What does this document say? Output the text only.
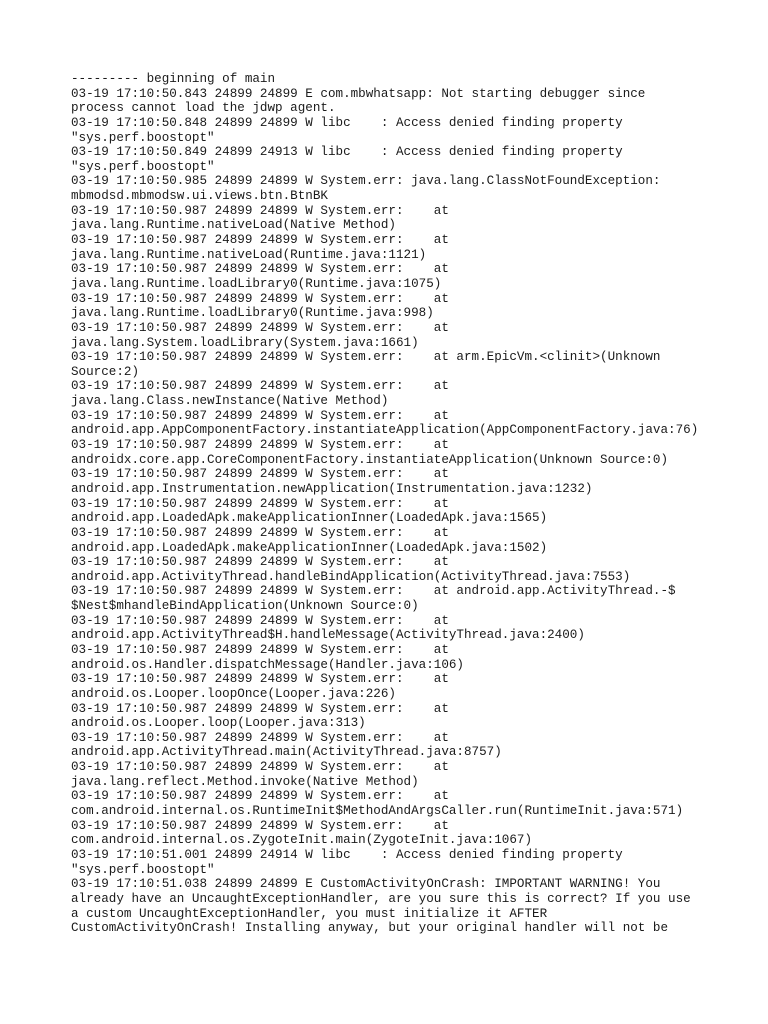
--------- beginning of main
03-19 17:10:50.843 24899 24899 E com.mbwhatsapp: Not starting debugger since
process cannot load the jdwp agent.
03-19 17:10:50.848 24899 24899 W libc    : Access denied finding property
"sys.perf.boostopt"
03-19 17:10:50.849 24899 24913 W libc    : Access denied finding property
"sys.perf.boostopt"
03-19 17:10:50.985 24899 24899 W System.err: java.lang.ClassNotFoundException:
mbmodsd.mbmodsw.ui.views.btn.BtnBK
03-19 17:10:50.987 24899 24899 W System.err:    at
java.lang.Runtime.nativeLoad(Native Method)
03-19 17:10:50.987 24899 24899 W System.err:    at
java.lang.Runtime.nativeLoad(Runtime.java:1121)
03-19 17:10:50.987 24899 24899 W System.err:    at
java.lang.Runtime.loadLibrary0(Runtime.java:1075)
03-19 17:10:50.987 24899 24899 W System.err:    at
java.lang.Runtime.loadLibrary0(Runtime.java:998)
03-19 17:10:50.987 24899 24899 W System.err:    at
java.lang.System.loadLibrary(System.java:1661)
03-19 17:10:50.987 24899 24899 W System.err:    at arm.EpicVm.<clinit>(Unknown
Source:2)
03-19 17:10:50.987 24899 24899 W System.err:    at
java.lang.Class.newInstance(Native Method)
03-19 17:10:50.987 24899 24899 W System.err:    at
android.app.AppComponentFactory.instantiateApplication(AppComponentFactory.java:76)
03-19 17:10:50.987 24899 24899 W System.err:    at
androidx.core.app.CoreComponentFactory.instantiateApplication(Unknown Source:0)
03-19 17:10:50.987 24899 24899 W System.err:    at
android.app.Instrumentation.newApplication(Instrumentation.java:1232)
03-19 17:10:50.987 24899 24899 W System.err:    at
android.app.LoadedApk.makeApplicationInner(LoadedApk.java:1565)
03-19 17:10:50.987 24899 24899 W System.err:    at
android.app.LoadedApk.makeApplicationInner(LoadedApk.java:1502)
03-19 17:10:50.987 24899 24899 W System.err:    at
android.app.ActivityThread.handleBindApplication(ActivityThread.java:7553)
03-19 17:10:50.987 24899 24899 W System.err:    at android.app.ActivityThread.-$
$Nest$mhandleBindApplication(Unknown Source:0)
03-19 17:10:50.987 24899 24899 W System.err:    at
android.app.ActivityThread$H.handleMessage(ActivityThread.java:2400)
03-19 17:10:50.987 24899 24899 W System.err:    at
android.os.Handler.dispatchMessage(Handler.java:106)
03-19 17:10:50.987 24899 24899 W System.err:    at
android.os.Looper.loopOnce(Looper.java:226)
03-19 17:10:50.987 24899 24899 W System.err:    at
android.os.Looper.loop(Looper.java:313)
03-19 17:10:50.987 24899 24899 W System.err:    at
android.app.ActivityThread.main(ActivityThread.java:8757)
03-19 17:10:50.987 24899 24899 W System.err:    at
java.lang.reflect.Method.invoke(Native Method)
03-19 17:10:50.987 24899 24899 W System.err:    at
com.android.internal.os.RuntimeInit$MethodAndArgsCaller.run(RuntimeInit.java:571)
03-19 17:10:50.987 24899 24899 W System.err:    at
com.android.internal.os.ZygoteInit.main(ZygoteInit.java:1067)
03-19 17:10:51.001 24899 24914 W libc    : Access denied finding property
"sys.perf.boostopt"
03-19 17:10:51.038 24899 24899 E CustomActivityOnCrash: IMPORTANT WARNING! You
already have an UncaughtExceptionHandler, are you sure this is correct? If you use
a custom UncaughtExceptionHandler, you must initialize it AFTER
CustomActivityOnCrash! Installing anyway, but your original handler will not be
